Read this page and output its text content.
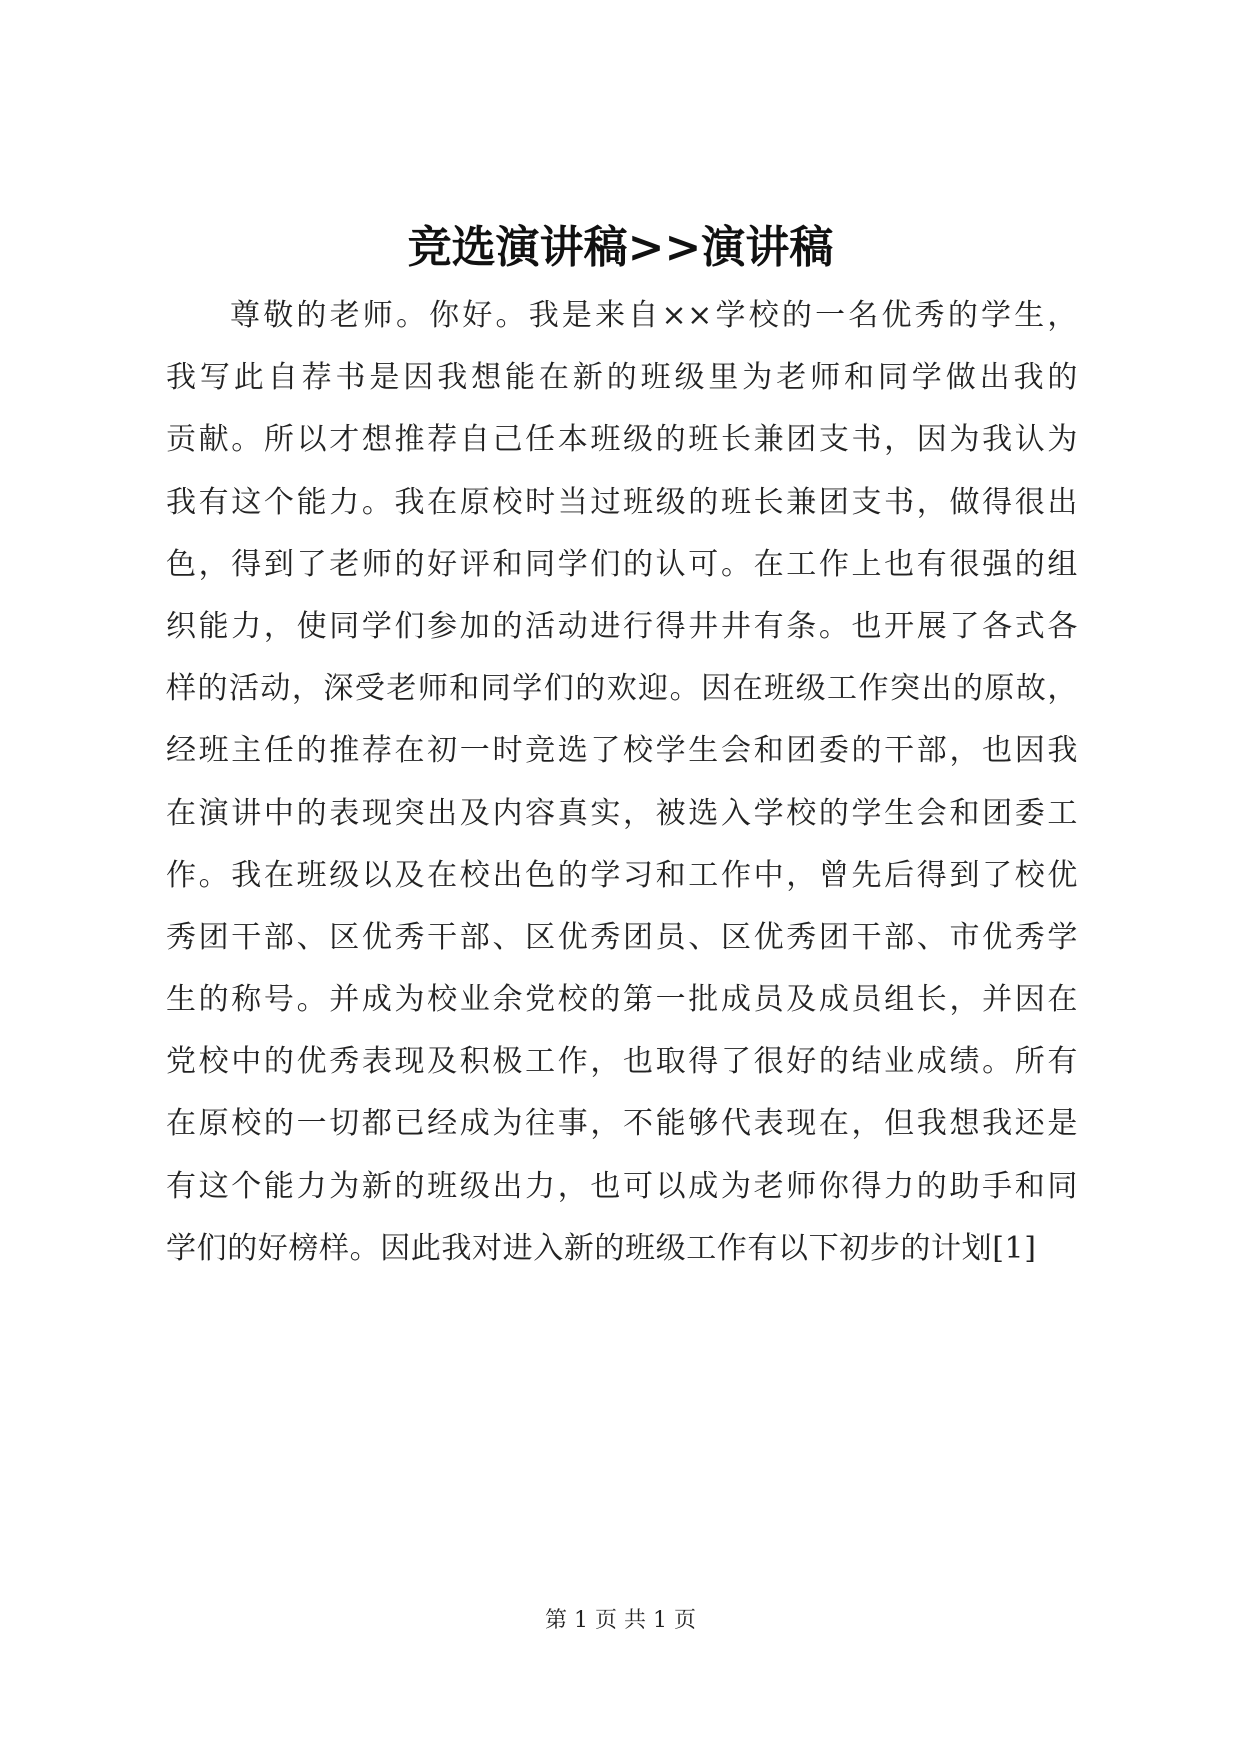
竞选演讲稿>>演讲稿
尊敬的老师。你好。我是来自××学校的一名优秀的学生，
我写此自荐书是因我想能在新的班级里为老师和同学做出我的
贡献。所以才想推荐自己任本班级的班长兼团支书，因为我认为
我有这个能力。我在原校时当过班级的班长兼团支书，做得很出
色，得到了老师的好评和同学们的认可。在工作上也有很强的组
织能力，使同学们参加的活动进行得井井有条。也开展了各式各
样的活动，深受老师和同学们的欢迎。因在班级工作突出的原故，
经班主任的推荐在初一时竞选了校学生会和团委的干部，也因我
在演讲中的表现突出及内容真实，被选入学校的学生会和团委工
作。我在班级以及在校出色的学习和工作中，曾先后得到了校优
秀团干部、区优秀干部、区优秀团员、区优秀团干部、市优秀学
生的称号。并成为校业余党校的第一批成员及成员组长，并因在
党校中的优秀表现及积极工作，也取得了很好的结业成绩。所有
在原校的一切都已经成为往事，不能够代表现在，但我想我还是
有这个能力为新的班级出力，也可以成为老师你得力的助手和同
学们的好榜样。因此我对进入新的班级工作有以下初步的计划[1]
第 1 页 共 1 页
